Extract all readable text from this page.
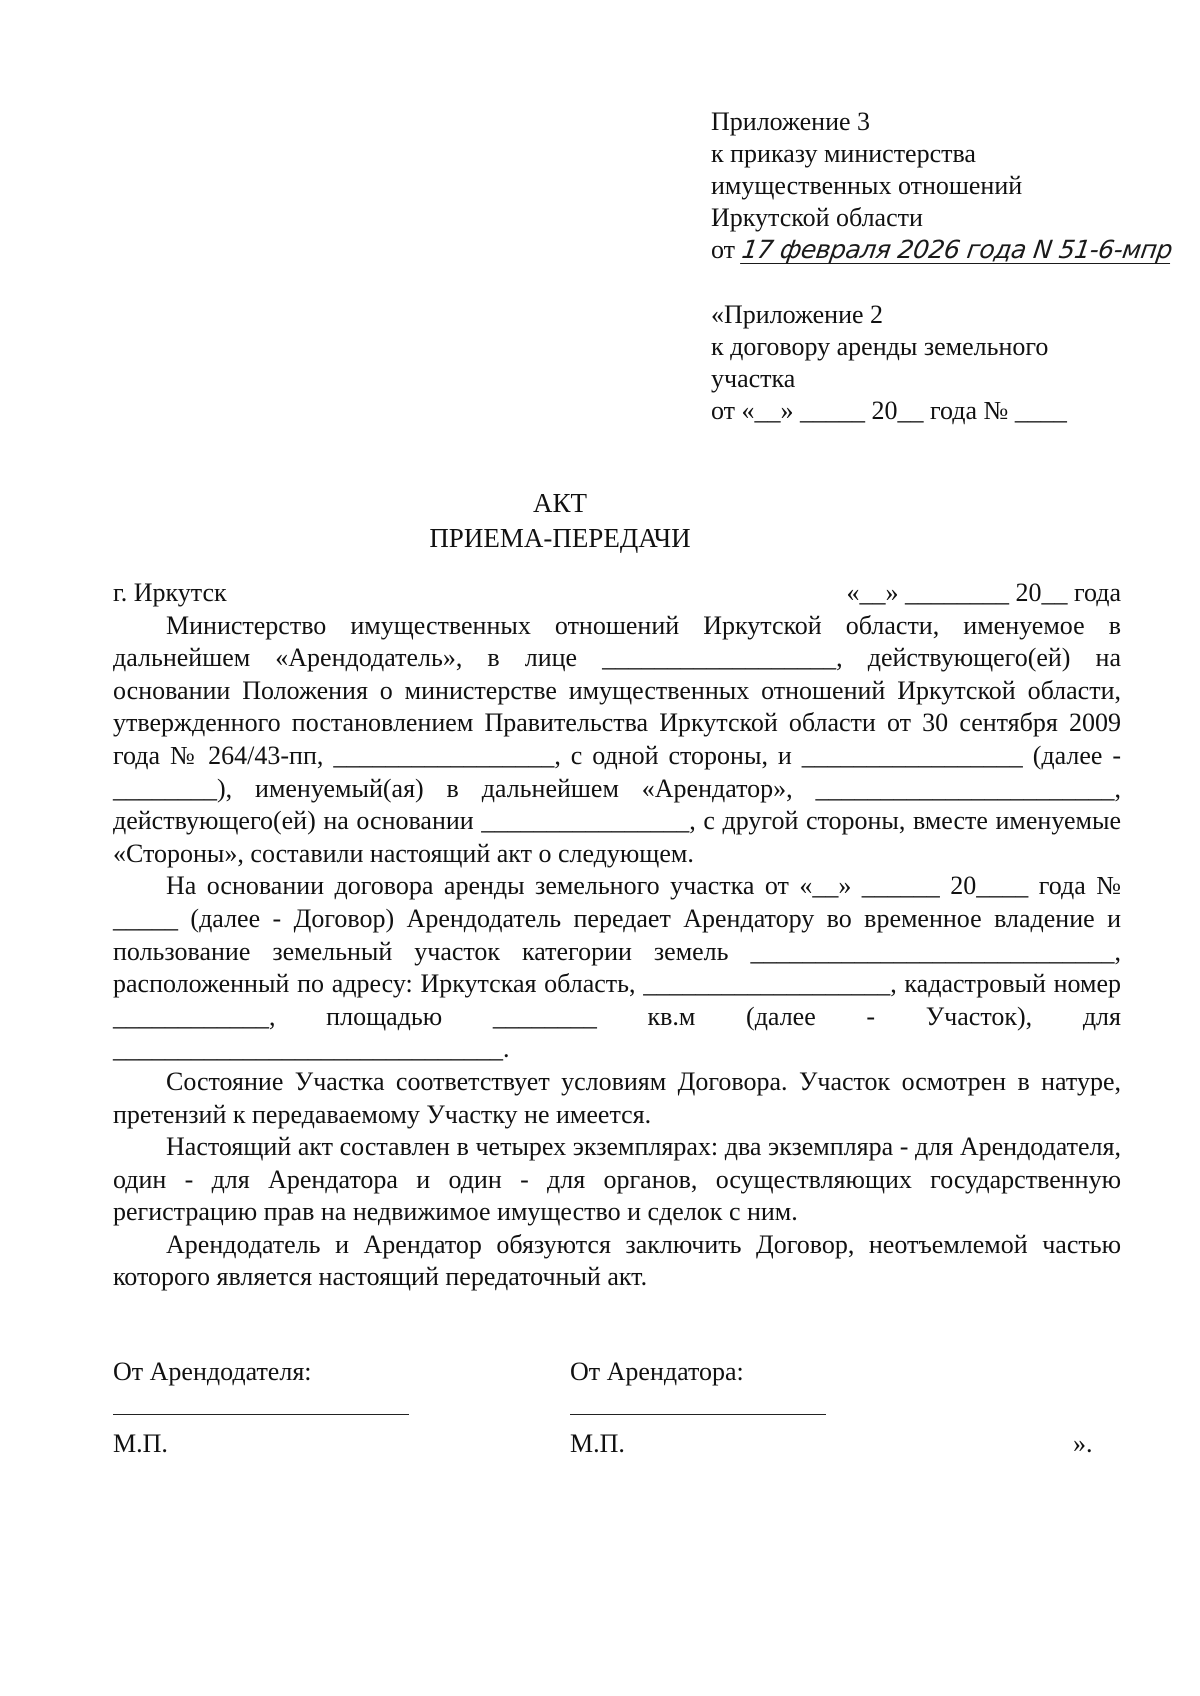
Приложение 3
к приказу министерства
имущественных отношений
Иркутской области
от 17 февраля 2026 года N 51-6-мпр
«Приложение 2
к договору аренды земельного
участка
от «__» _____ 20__ года № ____
АКТ
ПРИЕМА-ПЕРЕДАЧИ
г. Иркутск	«__» ________ 20__ года

Министерство имущественных отношений Иркутской области, именуемое в дальнейшем «Арендодатель», в лице __________________, действующего(ей) на основании Положения о министерстве имущественных отношений Иркутской области, утвержденного постановлением Правительства Иркутской области от 30 сентября 2009 года № 264/43-пп, _________________, с одной стороны, и _________________ (далее - ________), именуемый(ая) в дальнейшем «Арендатор», _______________________, действующего(ей) на основании ________________, с другой стороны, вместе именуемые «Стороны», составили настоящий акт о следующем.

На основании договора аренды земельного участка от «__» ______ 20____ года № _____ (далее - Договор) Арендодатель передает Арендатору во временное владение и пользование земельный участок категории земель ____________________________, расположенный по адресу: Иркутская область, ___________________, кадастровый номер ____________, площадью ________ кв.м (далее - Участок), для ______________________________.

Состояние Участка соответствует условиям Договора. Участок осмотрен в натуре, претензий к передаваемому Участку не имеется.

Настоящий акт составлен в четырех экземплярах: два экземпляра - для Арендодателя, один - для Арендатора и один - для органов, осуществляющих государственную регистрацию прав на недвижимое имущество и сделок с ним.

Арендодатель и Арендатор обязуются заключить Договор, неотъемлемой частью которого является настоящий передаточный акт.

От Арендодателя:	От Арендатора:
М.П.	М.П.	».
